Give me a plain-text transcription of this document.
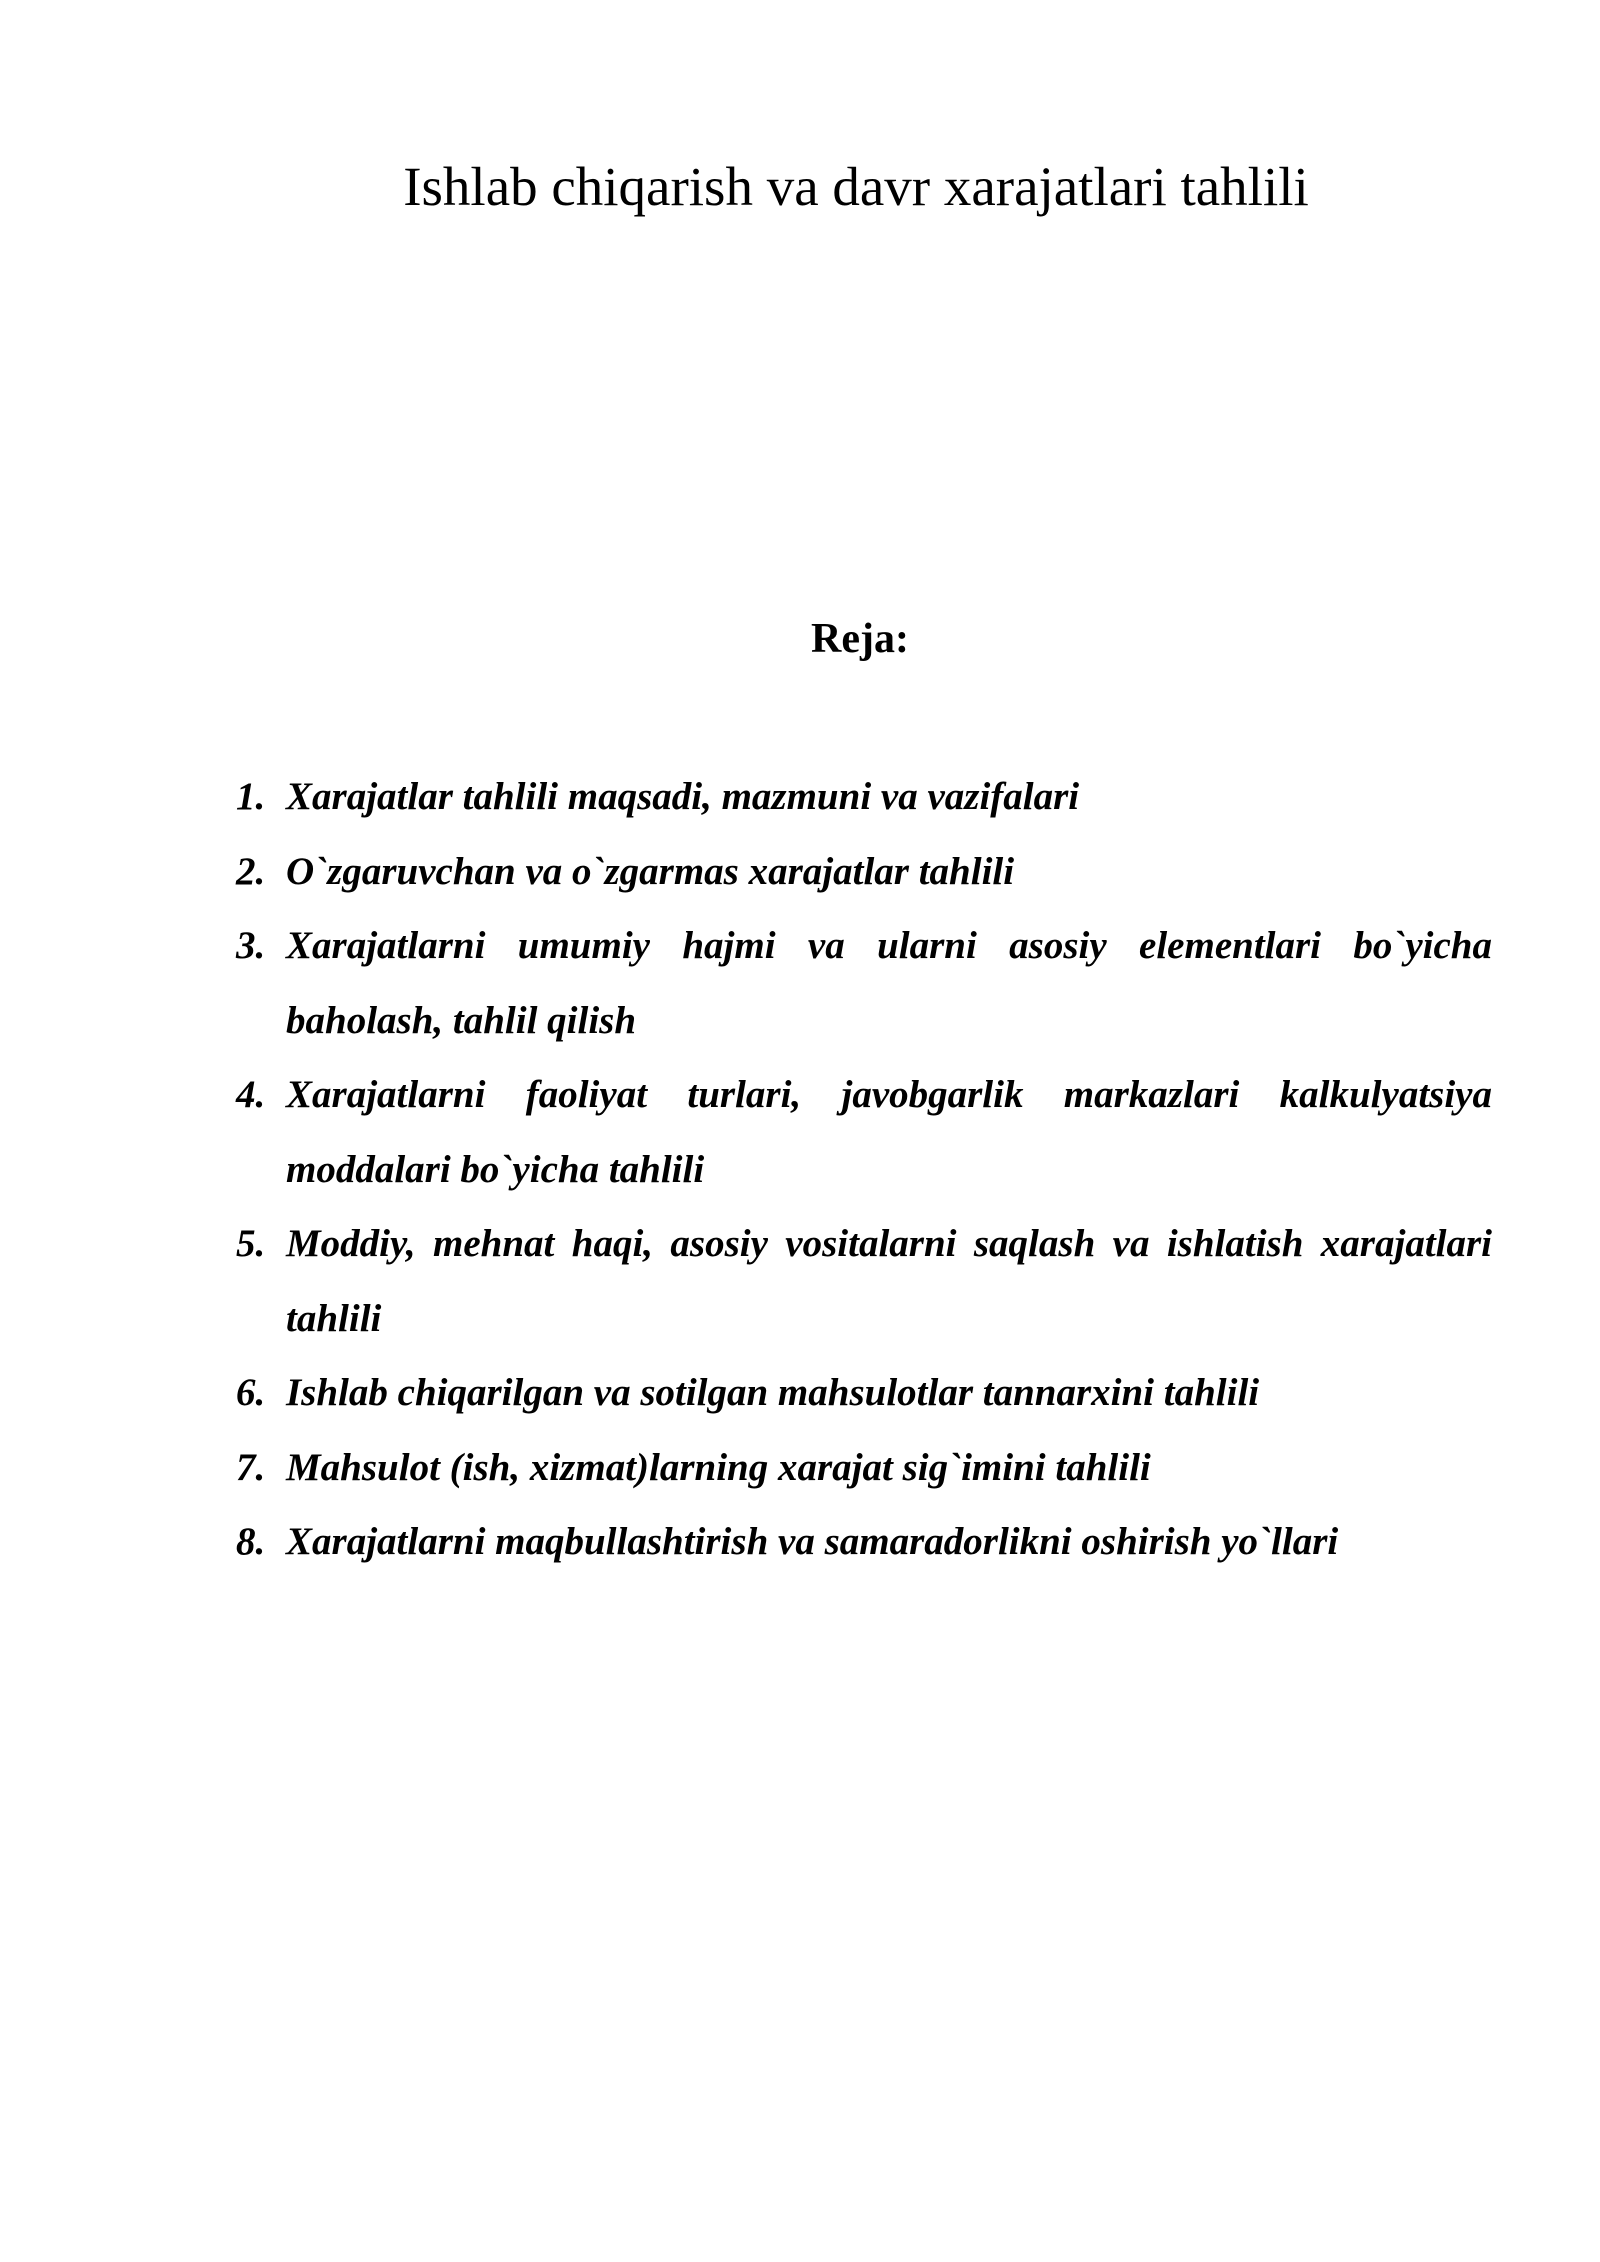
Ishlab chiqarish va davr xarajatlari tahlili
Reja:
1. Xarajatlar tahlili maqsadi, mazmuni va vazifalari
2. O`zgaruvchan va o`zgarmas xarajatlar tahlili
3. Xarajatlarni umumiy hajmi va ularni asosiy elementlari bo`yicha baholash, tahlil qilish
4. Xarajatlarni faoliyat turlari, javobgarlik markazlari kalkulyatsiya moddalari bo`yicha tahlili
5. Moddiy, mehnat haqi, asosiy vositalarni saqlash va ishlatish xarajatlari tahlili
6. Ishlab chiqarilgan va sotilgan mahsulotlar tannarxini tahlili
7. Mahsulot (ish, xizmat)larning xarajat sig`imini tahlili
8. Xarajatlarni maqbullashtirish va samaradorlikni oshirish yo`llari
